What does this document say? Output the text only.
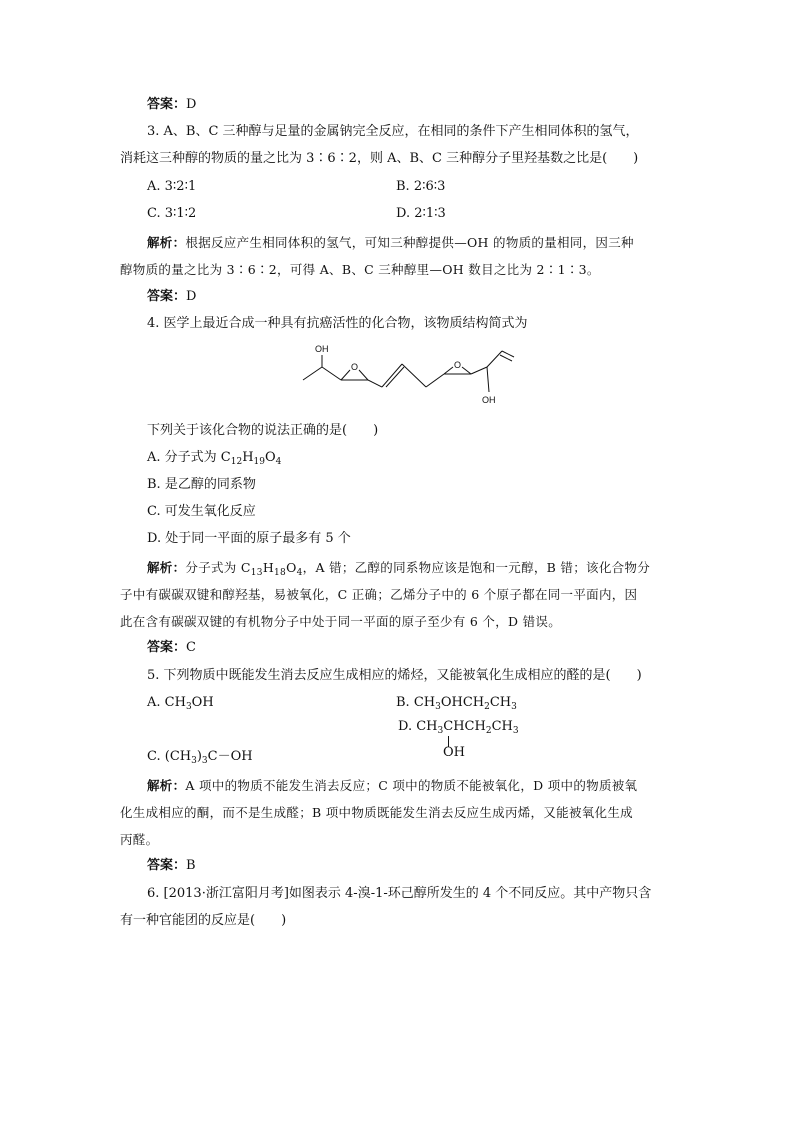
答案：D
3. A、B、C 三种醇与足量的金属钠完全反应，在相同的条件下产生相同体积的氢气，
消耗这三种醇的物质的量之比为 3∶6∶2，则 A、B、C 三种醇分子里羟基数之比是(　　)
A. 3∶2∶1	B. 2∶6∶3
C. 3∶1∶2	D. 2∶1∶3
解析：根据反应产生相同体积的氢气，可知三种醇提供—OH 的物质的量相同，因三种
醇物质的量之比为 3∶6∶2，可得 A、B、C 三种醇里—OH 数目之比为 2∶1∶3。
答案：D
4. 医学上最近合成一种具有抗癌活性的化合物，该物质结构简式为
OH
O	O
OH
下列关于该化合物的说法正确的是(　　)
A. 分子式为 $C_{12}H_{19}O_4$
B. 是乙醇的同系物
C. 可发生氧化反应
D. 处于同一平面的原子最多有 5 个
解析：分子式为 $C_{13}H_{18}O_4$，A 错；乙醇的同系物应该是饱和一元醇，B 错；该化合物分
子中有碳碳双键和醇羟基，易被氧化，C 正确；乙烯分子中的 6 个原子都在同一平面内，因
此在含有碳碳双键的有机物分子中处于同一平面的原子至少有 6 个，D 错误。
答案：C
5. 下列物质中既能发生消去反应生成相应的烯烃，又能被氧化生成相应的醛的是(　　)
A. $CH_3OH$	B. $CH_3OHCH_2CH_3$
D. $CH_3CHCH_2CH_3$
OH
C. $(CH_3)_3C-OH$
解析：A 项中的物质不能发生消去反应；C 项中的物质不能被氧化，D 项中的物质被氧
化生成相应的酮，而不是生成醛；B 项中物质既能发生消去反应生成丙烯，又能被氧化生成
丙醛。
答案：B
6. [2013·浙江富阳月考]如图表示 4-溴-1-环己醇所发生的 4 个不同反应。其中产物只含
有一种官能团的反应是(　　)
